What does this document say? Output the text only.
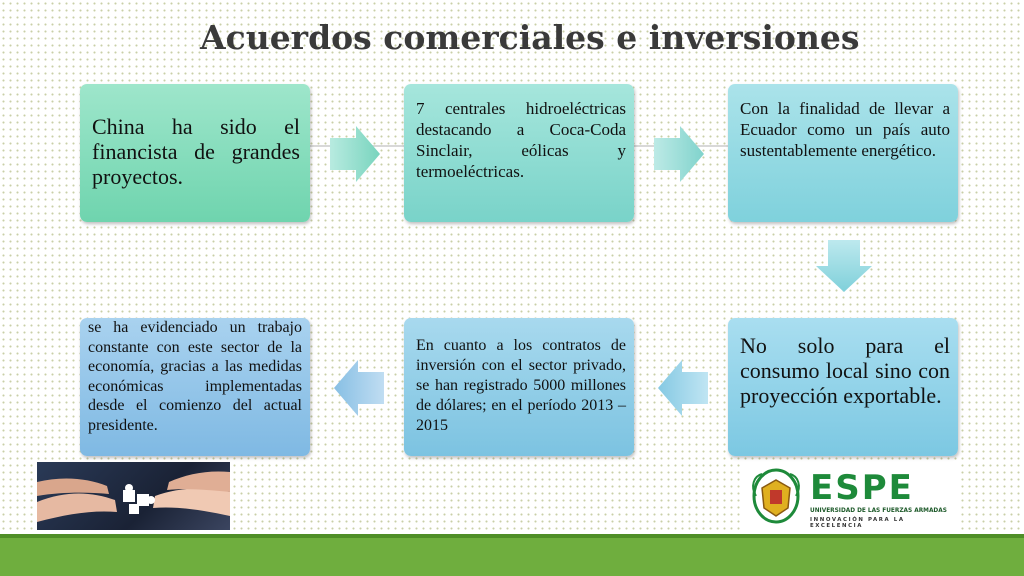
Acuerdos comerciales e inversiones

China ha sido el financista de grandes proyectos.

7 centrales hidroeléctricas destacando a Coca-Coda Sinclair, eólicas y termoeléctricas.

Con la finalidad de llevar a Ecuador como un país auto sustentablemente energético.

No solo para el consumo local sino con proyección exportable.

En cuanto a los contratos de inversión con el sector privado, se han registrado 5000 millones de dólares; en el período 2013 – 2015

se ha evidenciado un trabajo constante con este sector de la economía, gracias a las medidas económicas implementadas desde el comienzo del actual presidente.

ESPE
UNIVERSIDAD DE LAS FUERZAS ARMADAS
INNOVACIÓN PARA LA EXCELENCIA
